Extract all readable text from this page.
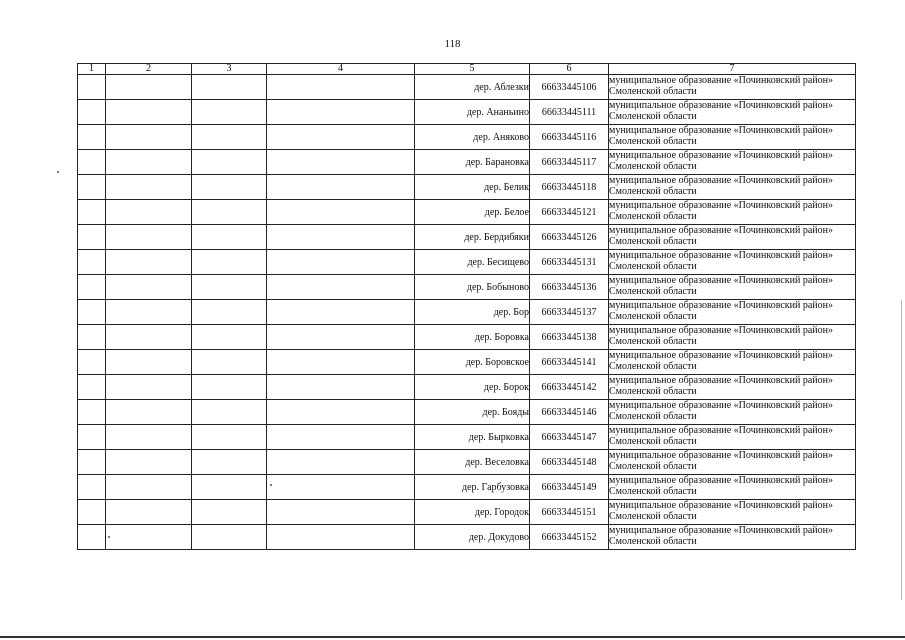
118
1	2	3	4	5	6	7
				дер. Аблезки	66633445106	муниципальное образование «Починковский район»
Смоленской области

				дер. Ананьино	66633445111	муниципальное образование «Починковский район»
Смоленской области

				дер. Аняково	66633445116	муниципальное образование «Починковский район»
Смоленской области

				дер. Барановка	66633445117	муниципальное образование «Починковский район»
Смоленской области

				дер. Белик	66633445118	муниципальное образование «Починковский район»
Смоленской области

				дер. Белое	66633445121	муниципальное образование «Починковский район»
Смоленской области

				дер. Бердибяки	66633445126	муниципальное образование «Починковский район»
Смоленской области

				дер. Бесищево	66633445131	муниципальное образование «Починковский район»
Смоленской области

				дер. Бобыново	66633445136	муниципальное образование «Починковский район»
Смоленской области

				дер. Бор	66633445137	муниципальное образование «Починковский район»
Смоленской области

				дер. Боровка	66633445138	муниципальное образование «Починковский район»
Смоленской области

				дер. Боровское	66633445141	муниципальное образование «Починковский район»
Смоленской области

				дер. Борок	66633445142	муниципальное образование «Починковский район»
Смоленской области

				дер. Бояды	66633445146	муниципальное образование «Починковский район»
Смоленской области

				дер. Быpковка	66633445147	муниципальное образование «Починковский район»
Смоленской области

				дер. Веселовка	66633445148	муниципальное образование «Починковский район»
Смоленской области

				дер. Гарбузовка	66633445149	муниципальное образование «Починковский район»
Смоленской области

				дер. Городок	66633445151	муниципальное образование «Починковский район»
Смоленской области

				дер. Докудово	66633445152	муниципальное образование «Починковский район»
Смоленской области
